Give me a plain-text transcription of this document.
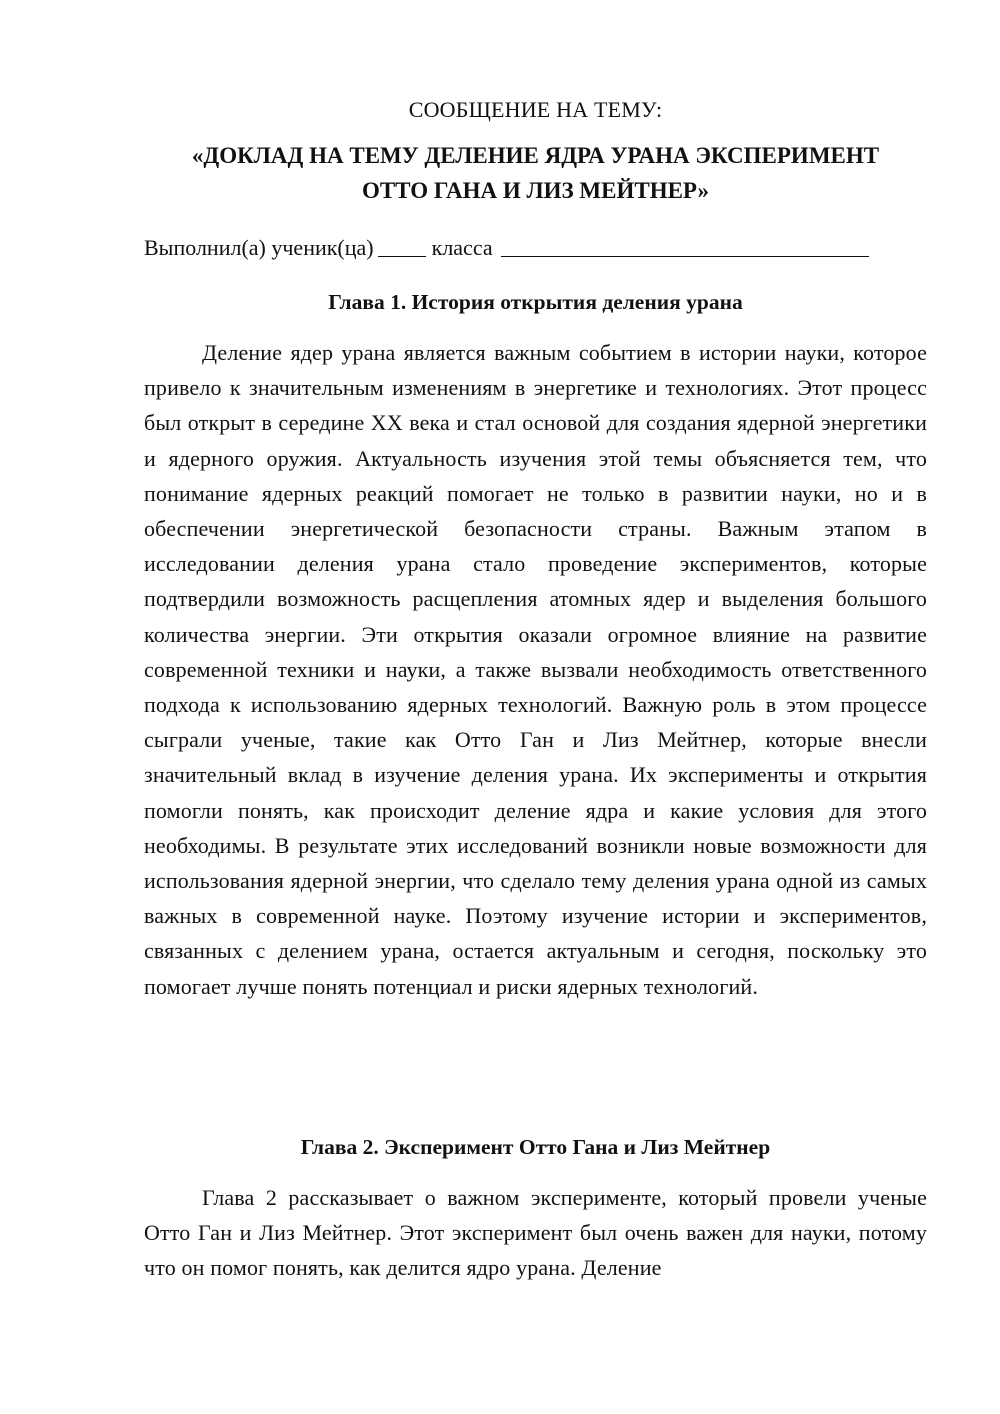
СООБЩЕНИЕ НА ТЕМУ:
«ДОКЛАД НА ТЕМУ ДЕЛЕНИЕ ЯДРА УРАНА ЭКСПЕРИМЕНТ
ОТТО ГАНА И ЛИЗ МЕЙТНЕР»
Выполнил(а) ученик(ца)	класса
Глава 1. История открытия деления урана

Деление ядер урана является важным событием в истории науки, которое привело к значительным изменениям в энергетике и технологиях. Этот процесс был открыт в середине XX века и стал основой для создания ядерной энергетики и ядерного оружия. Актуальность изучения этой темы объясняется тем, что понимание ядерных реакций помогает не только в развитии науки, но и в обеспечении энергетической безопасности страны. Важным этапом в исследовании деления урана стало проведение экспериментов, которые подтвердили возможность расщепления атомных ядер и выделения большого количества энергии. Эти открытия оказали огромное влияние на развитие современной техники и науки, а также вызвали необходимость ответственного подхода к использованию ядерных технологий. Важную роль в этом процессе сыграли ученые, такие как Отто Ган и Лиз Мейтнер, которые внесли значительный вклад в изучение деления урана. Их эксперименты и открытия помогли понять, как происходит деление ядра и какие условия для этого необходимы. В результате этих исследований возникли новые возможности для использования ядерной энергии, что сделало тему деления урана одной из самых важных в современной науке. Поэтому изучение истории и экспериментов, связанных с делением урана, остается актуальным и сегодня, поскольку это помогает лучше понять потенциал и риски ядерных технологий.

Глава 2. Эксперимент Отто Гана и Лиз Мейтнер

Глава 2 рассказывает о важном эксперименте, который провели ученые Отто Ган и Лиз Мейтнер. Этот эксперимент был очень важен для науки, потому что он помог понять, как делится ядро урана. Деление
